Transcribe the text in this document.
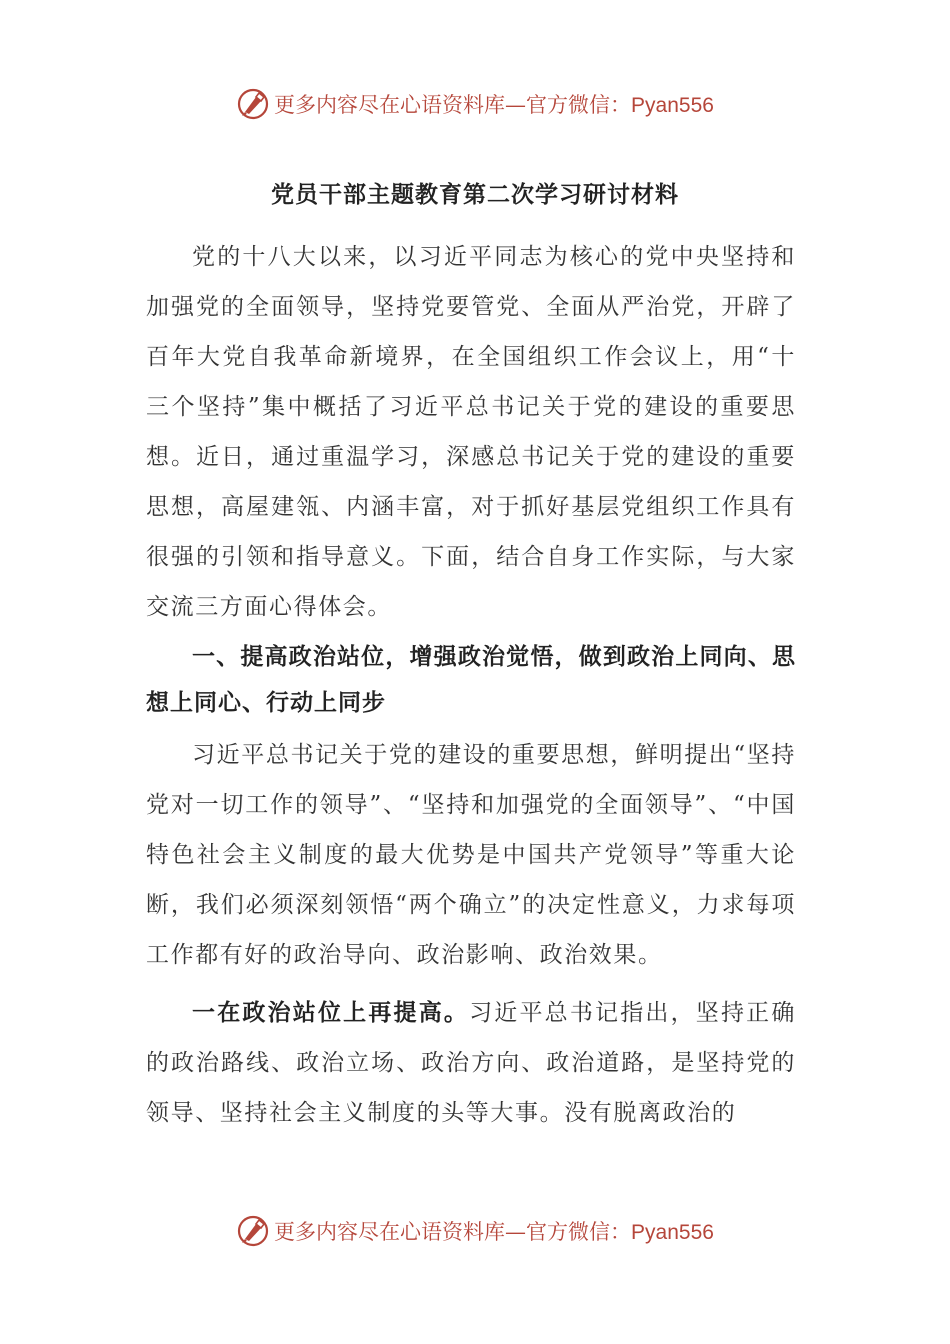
更多内容尽在心语资料库—官方微信：Pyan556
党员干部主题教育第二次学习研讨材料

党的十八大以来，以习近平同志为核心的党中央坚持和加强党的全面领导，坚持党要管党、全面从严治党，开辟了百年大党自我革命新境界，在全国组织工作会议上，用“十三个坚持”集中概括了习近平总书记关于党的建设的重要思想。近日，通过重温学习，深感总书记关于党的建设的重要思想，高屋建瓴、内涵丰富，对于抓好基层党组织工作具有很强的引领和指导意义。下面，结合自身工作实际，与大家交流三方面心得体会。

一、提高政治站位，增强政治觉悟，做到政治上同向、思想上同心、行动上同步

习近平总书记关于党的建设的重要思想，鲜明提出“坚持党对一切工作的领导”、“坚持和加强党的全面领导”、“中国特色社会主义制度的最大优势是中国共产党领导”等重大论断，我们必须深刻领悟“两个确立”的决定性意义，力求每项工作都有好的政治导向、政治影响、政治效果。

一在政治站位上再提高。习近平总书记指出，坚持正确的政治路线、政治立场、政治方向、政治道路，是坚持党的领导、坚持社会主义制度的头等大事。没有脱离政治的

更多内容尽在心语资料库—官方微信：Pyan556
